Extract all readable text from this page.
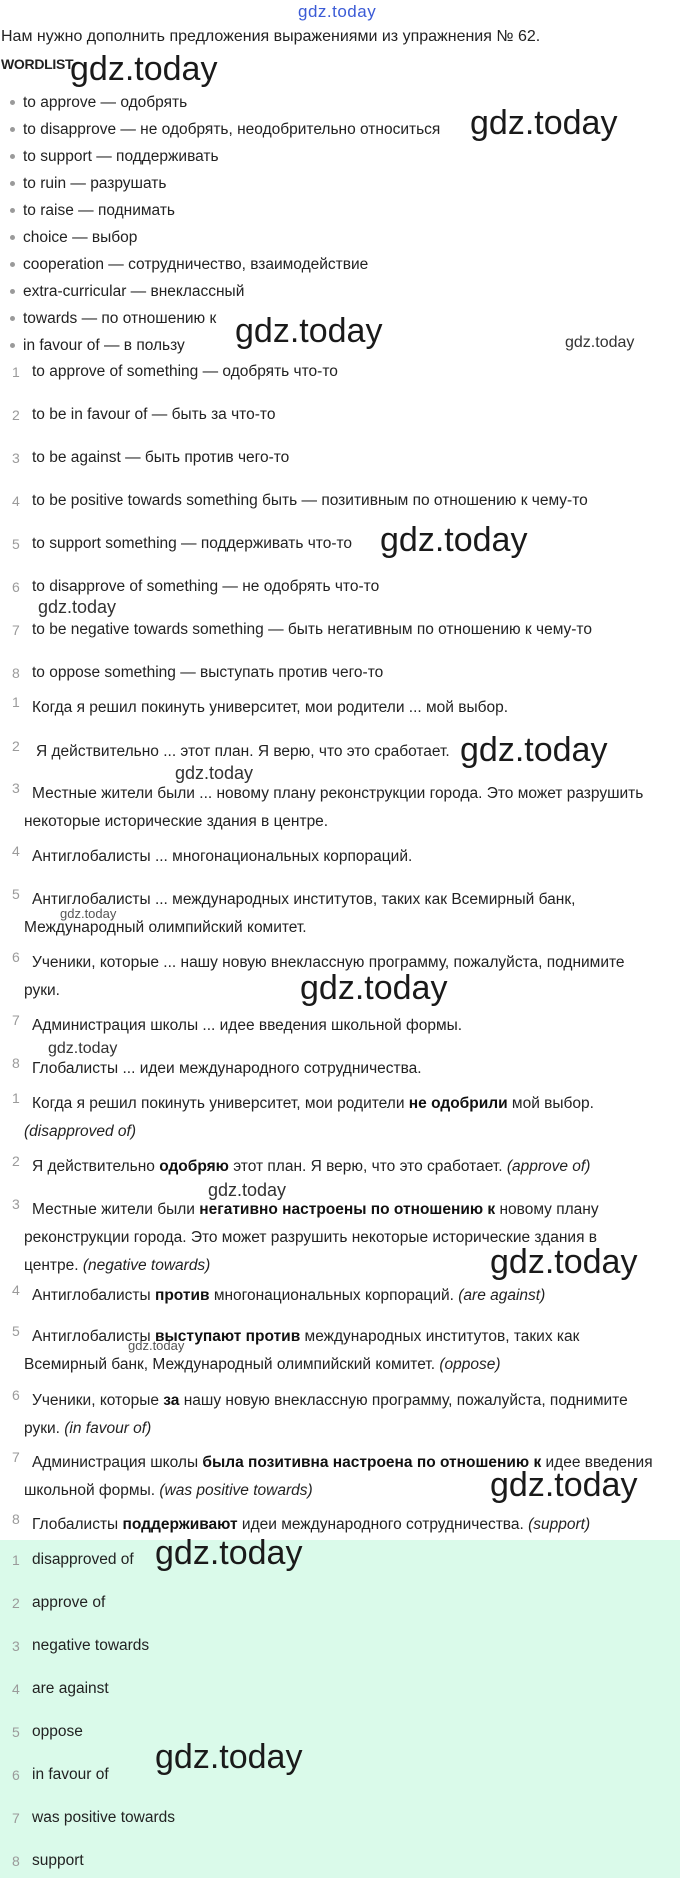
gdz.today
Нам нужно дополнить предложения выражениями из упражнения № 62.
WORDLIST
gdz.today
gdz.today
gdz.today	gdz.today
gdz.today
gdz.today
gdz.today
gdz.today
gdz.today
gdz.today
gdz.today
gdz.today
gdz.today
gdz.today
gdz.today
to approve — одобрять
to disapprove — не одобрять, неодобрительно относиться
to support — поддерживать
to ruin — разрушать
to raise — поднимать
choice — выбор
cooperation — сотрудничество, взаимодействие
extra-curricular — внеклассный
towards — по отношению к
in favour of — в пользу
1 to approve of something — одобрять что-то
2 to be in favour of — быть за что-то
3 to be against — быть против чего-то
4 to be positive towards something быть — позитивным по отношению к чему-то
5 to support something — поддерживать что-то
6 to disapprove of something — не одобрять что-то
7 to be negative towards something — быть негативным по отношению к чему-то
8 to oppose something — выступать против чего-то
1 Когда я решил покинуть университет, мои родители ... мой выбор.
2 Я действительно ... этот план. Я верю, что это сработает.
3 Местные жители были ... новому плану реконструкции города. Это может разрушить
некоторые исторические здания в центре.
4 Антиглобалисты ... многонациональных корпораций.
5 Антиглобалисты ... международных институтов, таких как Всемирный банк,
Международный олимпийский комитет.
6 Ученики, которые ... нашу новую внеклассную программу, пожалуйста, поднимите
руки.
7 Администрация школы ... идее введения школьной формы.
8 Глобалисты ... идеи международного сотрудничества.
1 Когда я решил покинуть университет, мои родители не одобрили мой выбор.
(disapproved of)
2 Я действительно одобряю этот план. Я верю, что это сработает. (approve of)
3 Местные жители были негативно настроены по отношению к новому плану
реконструкции города. Это может разрушить некоторые исторические здания в
центре. (negative towards)
4 Антиглобалисты против многонациональных корпораций. (are against)
5 Антиглобалисты выступают против международных институтов, таких как
Всемирный банк, Международный олимпийский комитет. (oppose)
6 Ученики, которые за нашу новую внеклассную программу, пожалуйста, поднимите
руки. (in favour of)
7 Администрация школы была позитивна настроена по отношению к идее введения
школьной формы. (was positive towards)
8 Глобалисты поддерживают идеи международного сотрудничества. (support)
gdz.today
gdz.today
1 disapproved of
2 approve of
3 negative towards
4 are against
5 oppose
6 in favour of
7 was positive towards
8 support
